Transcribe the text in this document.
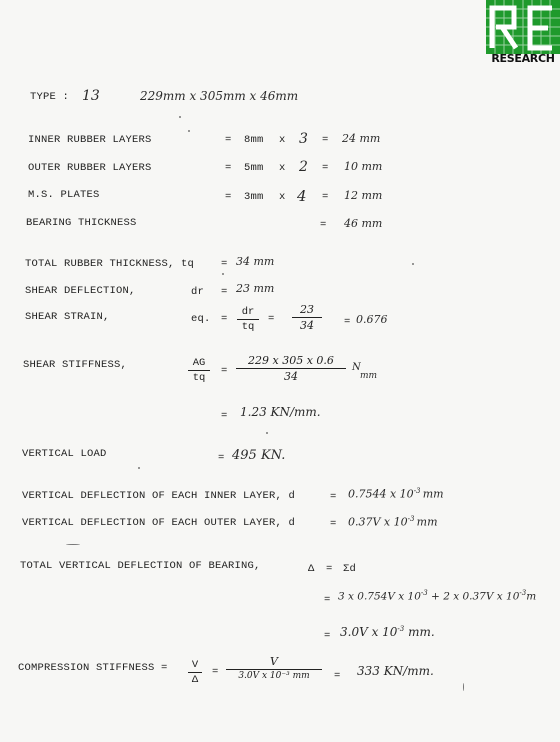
RESEARCH
TYPE : 13	229mm x 305mm x 46mm
INNER RUBBER LAYERS	= 8mm x 3 = 24 mm
OUTER RUBBER LAYERS	= 5mm x 2 = 10 mm
M.S. PLATES	= 3mm x 4 = 12 mm
BEARING THICKNESS	= 46 mm
TOTAL RUBBER THICKNESS, tq	= 34 mm
SHEAR DEFLECTION,	dr = 23 mm
SHEAR STRAIN,	eq. = $\frac{dr}{tq} = \frac{23}{34} = 0.676$
SHEAR STIFFNESS,	$\frac{AG}{tq} = \frac{229 x 305 x 0.6}{34}$ N
mm
= 1.23 KN/mm.
VERTICAL LOAD	= 495 KN.
VERTICAL DEFLECTION OF EACH INNER LAYER, d	= 0.7544 x $10^{-3}$  mm
VERTICAL DEFLECTION OF EACH OUTER LAYER, d	= 0.37V x $10^{-3}$  mm
TOTAL VERTICAL DEFLECTION OF BEARING,	Δ = Σd
= 3 x 0.754V x $10^{-3} + 2$ x 0.37V x $10^{-3}m$
= 3.0V x $10^{-3}$ mm.
COMPRESSION STIFFNESS = $\frac{V}{\Delta}$ =
V
3.0V x 10⁻³ mm	= 333 KN/mm.
